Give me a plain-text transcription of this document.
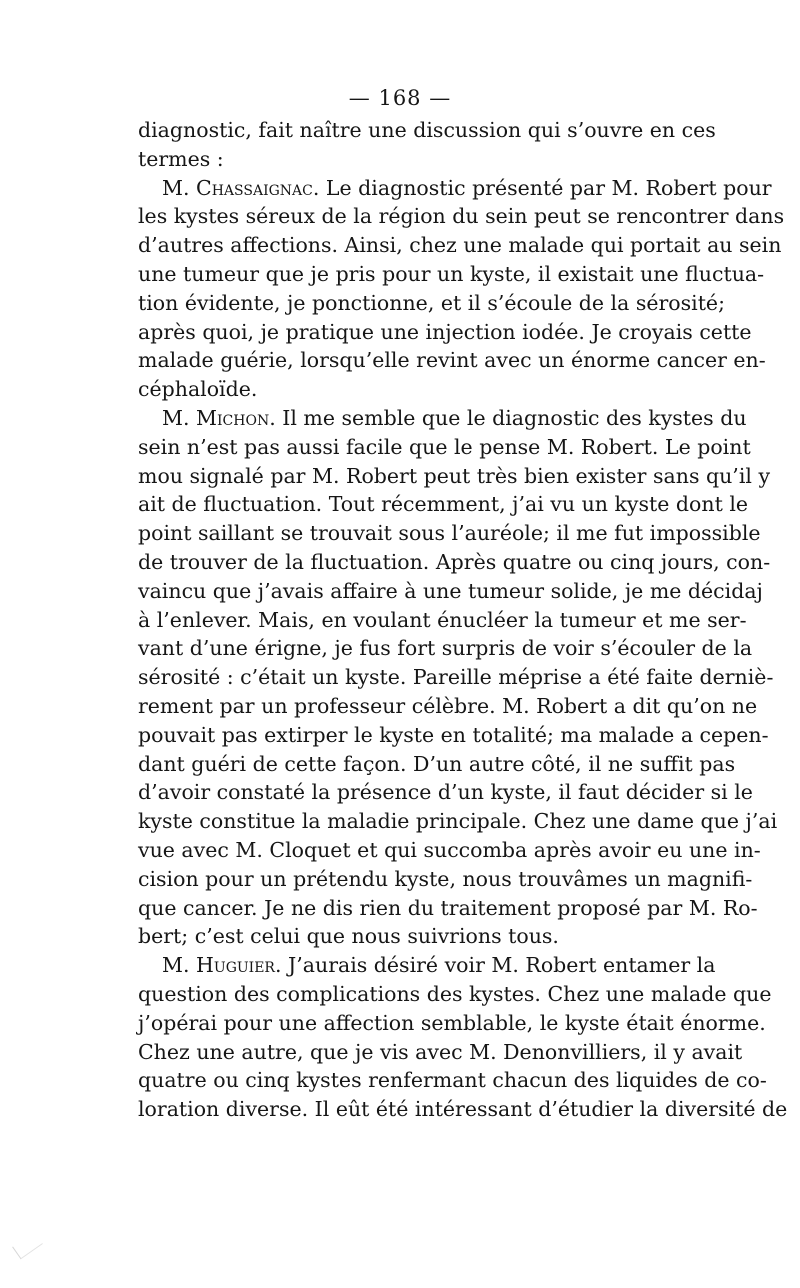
— 168 —
diagnostic, fait naître une discussion qui s’ouvre en ces
termes :
M. Chassaignac. Le diagnostic présenté par M. Robert pour
les kystes séreux de la région du sein peut se rencontrer dans
d’autres affections. Ainsi, chez une malade qui portait au sein
une tumeur que je pris pour un kyste, il existait une fluctua-
tion évidente, je ponctionne, et il s’écoule de la sérosité;
après quoi, je pratique une injection iodée. Je croyais cette
malade guérie, lorsqu’elle revint avec un énorme cancer en-
céphaloïde.
M. Michon. Il me semble que le diagnostic des kystes du
sein n’est pas aussi facile que le pense M. Robert. Le point
mou signalé par M. Robert peut très bien exister sans qu’il y
ait de fluctuation. Tout récemment, j’ai vu un kyste dont le
point saillant se trouvait sous l’auréole; il me fut impossible
de trouver de la fluctuation. Après quatre ou cinq jours, con-
vaincu que j’avais affaire à une tumeur solide, je me décidaj
à l’enlever. Mais, en voulant énucléer la tumeur et me ser-
vant d’une érigne, je fus fort surpris de voir s’écouler de la
sérosité : c’était un kyste. Pareille méprise a été faite derniè-
rement par un professeur célèbre. M. Robert a dit qu’on ne
pouvait pas extirper le kyste en totalité; ma malade a cepen-
dant guéri de cette façon. D’un autre côté, il ne suffit pas
d’avoir constaté la présence d’un kyste, il faut décider si le
kyste constitue la maladie principale. Chez une dame que j’ai
vue avec M. Cloquet et qui succomba après avoir eu une in-
cision pour un prétendu kyste, nous trouvâmes un magnifi-
que cancer. Je ne dis rien du traitement proposé par M. Ro-
bert; c’est celui que nous suivrions tous.
M. Huguier. J’aurais désiré voir M. Robert entamer la
question des complications des kystes. Chez une malade que
j’opérai pour une affection semblable, le kyste était énorme.
Chez une autre, que je vis avec M. Denonvilliers, il y avait
quatre ou cinq kystes renfermant chacun des liquides de co-
loration diverse. Il eût été intéressant d’étudier la diversité de
